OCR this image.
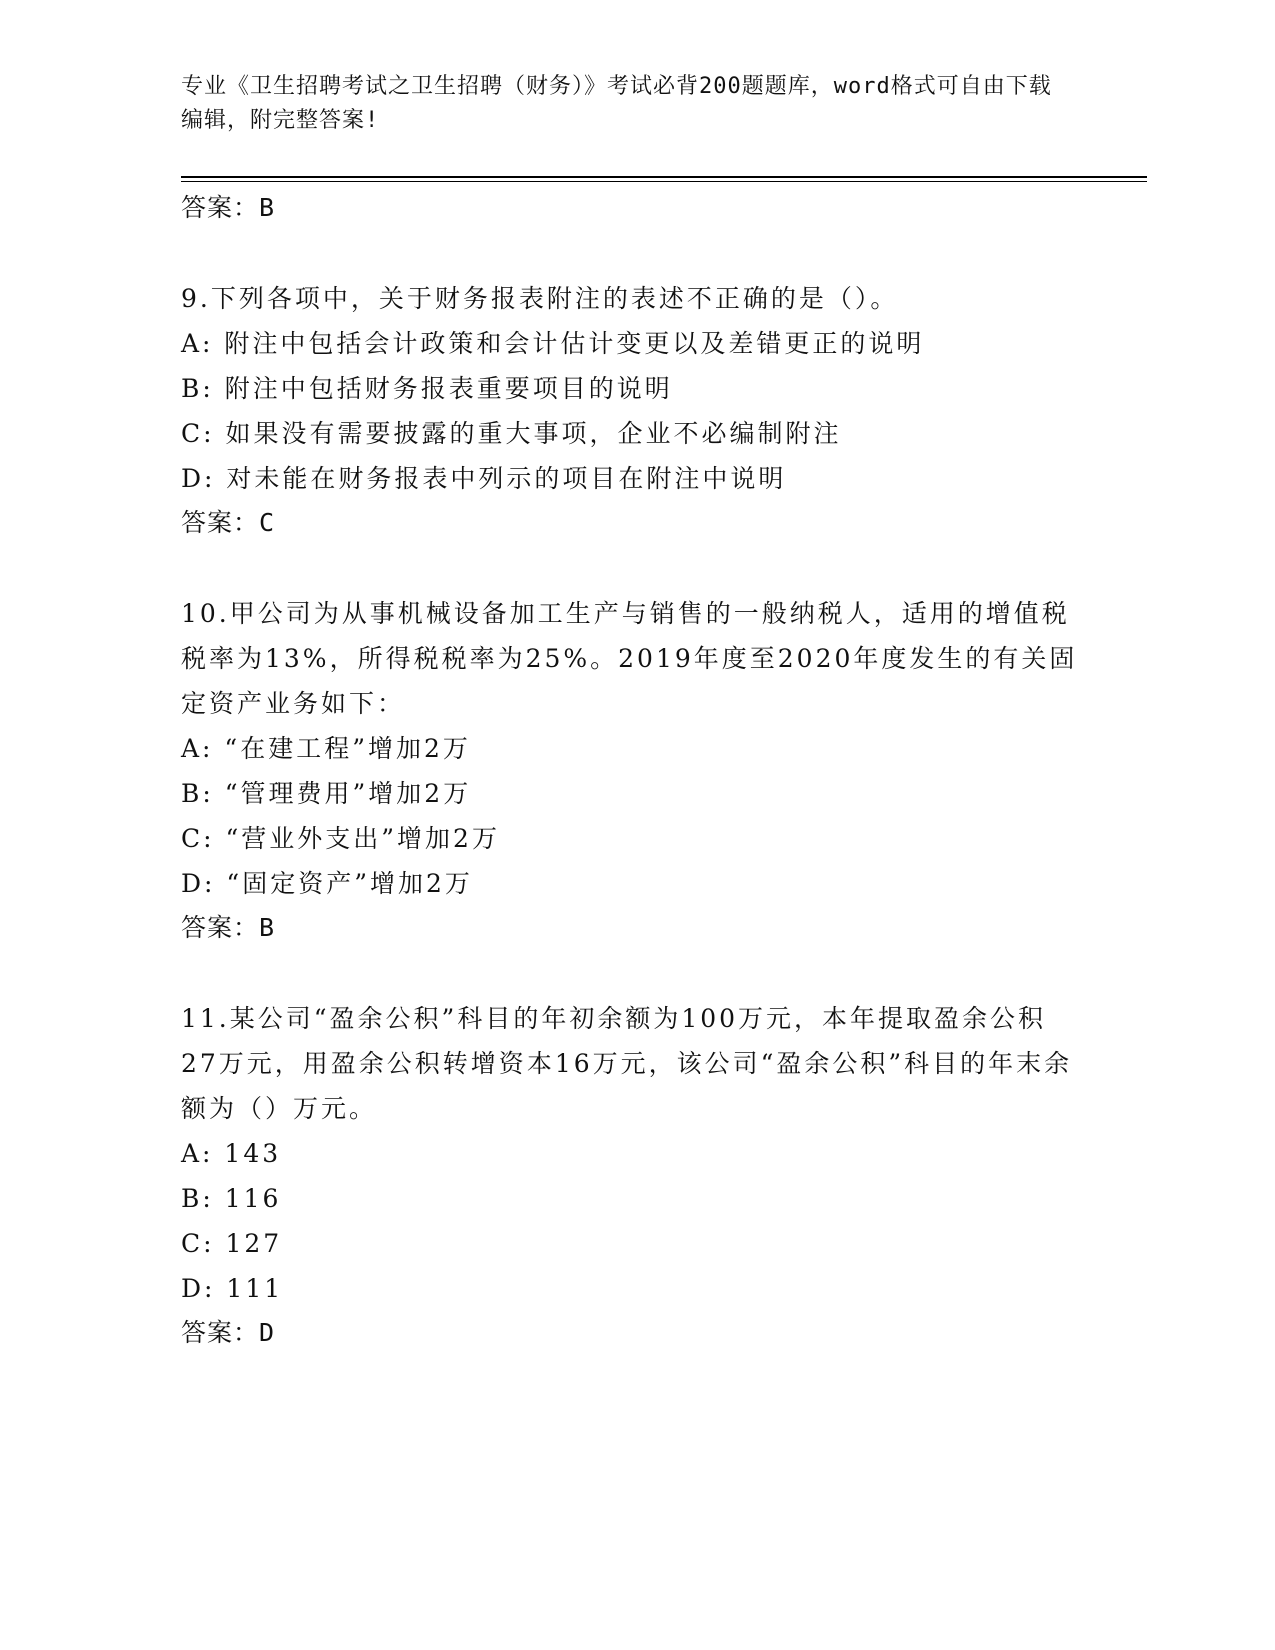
专业《卫生招聘考试之卫生招聘（财务）》考试必背200题题库，word格式可自由下载编辑，附完整答案!
答案：B
9.下列各项中，关于财务报表附注的表述不正确的是（）。
A: 附注中包括会计政策和会计估计变更以及差错更正的说明
B: 附注中包括财务报表重要项目的说明
C: 如果没有需要披露的重大事项，企业不必编制附注
D: 对未能在财务报表中列示的项目在附注中说明
答案：C
10.甲公司为从事机械设备加工生产与销售的一般纳税人，适用的增值税税率为13%，所得税税率为25%。2019年度至2020年度发生的有关固定资产业务如下：
A: “在建工程”增加2万
B: “管理费用”增加2万
C: “营业外支出”增加2万
D: “固定资产”增加2万
答案：B
11.某公司“盈余公积”科目的年初余额为100万元，本年提取盈余公积27万元，用盈余公积转增资本16万元，该公司“盈余公积”科目的年末余额为（）万元。
A: 143
B: 116
C: 127
D: 111
答案：D
